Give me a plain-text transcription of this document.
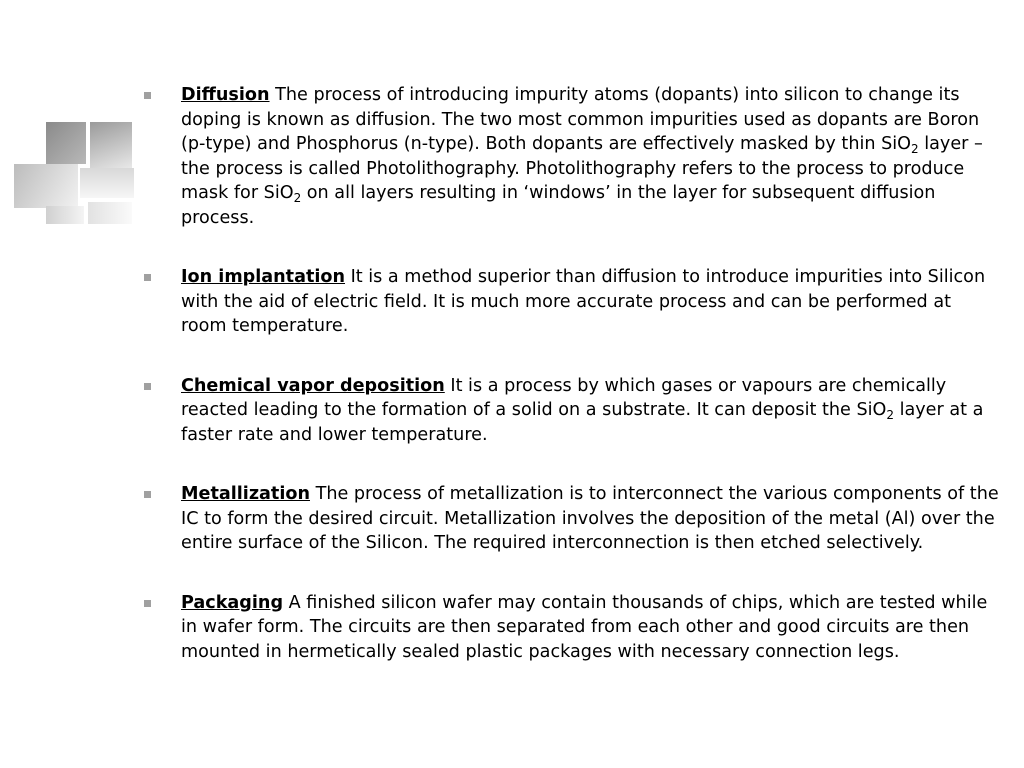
Diffusion The process of introducing impurity atoms (dopants) into silicon to change its doping is known as diffusion. The two most common impurities used as dopants are Boron (p-type) and Phosphorus (n-type). Both dopants are effectively masked by thin SiO$_2$ layer – the process is called Photolithography. Photolithography refers to the process to produce mask for SiO$_2$ on all layers resulting in ‘windows’ in the layer for subsequent diffusion process.
Ion implantation It is a method superior than diffusion to introduce impurities into Silicon with the aid of electric field. It is much more accurate process and can be performed at room temperature.
Chemical vapor deposition It is a process by which gases or vapours are chemically reacted leading to the formation of a solid on a substrate. It can deposit the SiO$_2$ layer at a faster rate and lower temperature.
Metallization The process of metallization is to interconnect the various components of the IC to form the desired circuit. Metallization involves the deposition of the metal (Al) over the entire surface of the Silicon. The required interconnection is then etched selectively.
Packaging A finished silicon wafer may contain thousands of chips, which are tested while in wafer form. The circuits are then separated from each other and good circuits are then mounted in hermetically sealed plastic packages with necessary connection legs.
